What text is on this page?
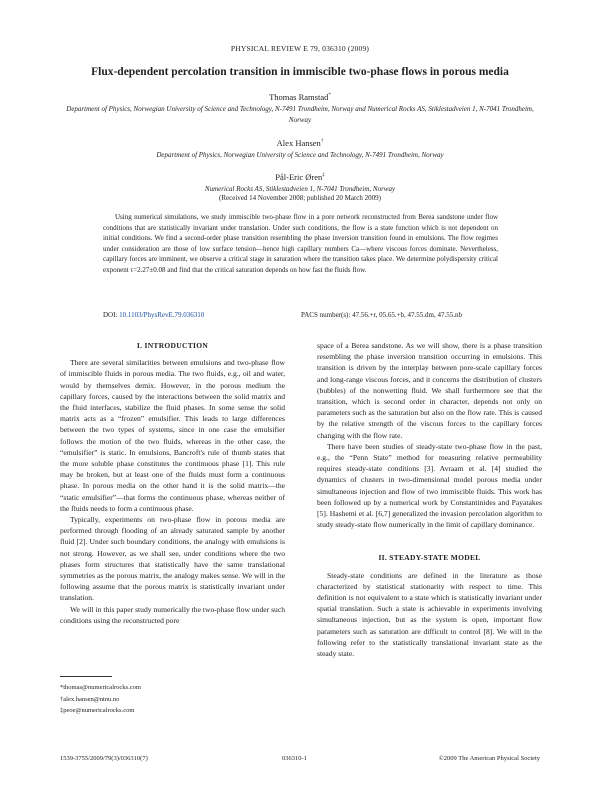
PHYSICAL REVIEW E 79, 036310 (2009)
Flux-dependent percolation transition in immiscible two-phase flows in porous media
Thomas Ramstad*
Department of Physics, Norwegian University of Science and Technology, N-7491 Trondheim, Norway and Numerical Rocks AS, Stiklestadveien 1, N-7041 Trondheim, Norway
Alex Hansen†
Department of Physics, Norwegian University of Science and Technology, N-7491 Trondheim, Norway
Pål-Eric Øren‡
Numerical Rocks AS, Stiklestadveien 1, N-7041 Trondheim, Norway
(Received 14 November 2008; published 20 March 2009)

Using numerical simulations, we study immiscible two-phase flow in a pore network reconstructed from Berea sandstone under flow conditions that are statistically invariant under translation. Under such conditions, the flow is a state function which is not dependent on initial conditions. We find a second-order phase transition resembling the phase inversion transition found in emulsions. The flow regimes under consideration are those of low surface tension—hence high capillary numbers Ca—where viscous forces dominate. Nevertheless, capillary forces are imminent, we observe a critical stage in saturation where the transition takes place. We determine polydispersity critical exponent τ=2.27±0.08 and find that the critical saturation depends on how fast the fluids flow.

DOI: 10.1103/PhysRevE.79.036310	PACS number(s): 47.56.+r, 05.65.+b, 47.55.dm, 47.55.nb
I. INTRODUCTION

There are several similarities between emulsions and two-phase flow of immiscible fluids in porous media. The two fluids, e.g., oil and water, would by themselves demix. However, in the porous medium the capillary forces, caused by the interactions between the solid matrix and the fluid interfaces, stabilize the fluid phases. In some sense the solid matrix acts as a “frozen” emulsifier. This leads to large differences between the two types of systems, since in one case the emulsifier follows the motion of the two fluids, whereas in the other case, the “emulsifier” is static. In emulsions, Bancroft's rule of thumb states that the more soluble phase constitutes the continuous phase [1]. This rule may be broken, but at least one of the fluids must form a continuous phase. In porous media on the other hand it is the solid matrix—the “static emulsifier”—that forms the continuous phase, whereas neither of the fluids needs to form a continuous phase.

Typically, experiments on two-phase flow in porous media are performed through flooding of an already saturated sample by another fluid [2]. Under such boundary conditions, the analogy with emulsions is not strong. However, as we shall see, under conditions where the two phases form structures that statistically have the same translational symmetries as the porous matrix, the analogy makes sense. We will in the following assume that the porous matrix is statistically invariant under translation.

We will in this paper study numerically the two-phase flow under such conditions using the reconstructed pore

space of a Berea sandstone. As we will show, there is a phase transition resembling the phase inversion transition occurring in emulsions. This transition is driven by the interplay between pore-scale capillary forces and long-range viscous forces, and it concerns the distribution of clusters (bubbles) of the nonwetting fluid. We shall furthermore see that the transition, which is second order in character, depends not only on parameters such as the saturation but also on the flow rate. This is caused by the relative strength of the viscous forces to the capillary forces changing with the flow rate.

There have been studies of steady-state two-phase flow in the past, e.g., the “Penn State” method for measuring relative permeability requires steady-state conditions [3]. Avraam et al. [4] studied the dynamics of clusters in two-dimensional model porous media under simultaneous injection and flow of two immiscible fluids. This work has been followed up by a numerical work by Constantinides and Payatakes [5]. Hashemi et al. [6,7] generalized the invasion percolation algorithm to study steady-state flow numerically in the limit of capillary dominance.

II. STEADY-STATE MODEL

Steady-state conditions are defined in the literature as those characterized by statistical stationarity with respect to time. This definition is not equivalent to a state which is statistically invariant under spatial translation. Such a state is achievable in experiments involving simultaneous injection, but as the system is open, important flow parameters such as saturation are difficult to control [8]. We will in the following refer to the statistically translational invariant state as the steady state.

*thomas@numericalrocks.com
†alex.hansen@ntnu.no
‡peoe@numericalrocks.com
1539-3755/2009/79(3)/036310(7)	036310-1	©2009 The American Physical Society
